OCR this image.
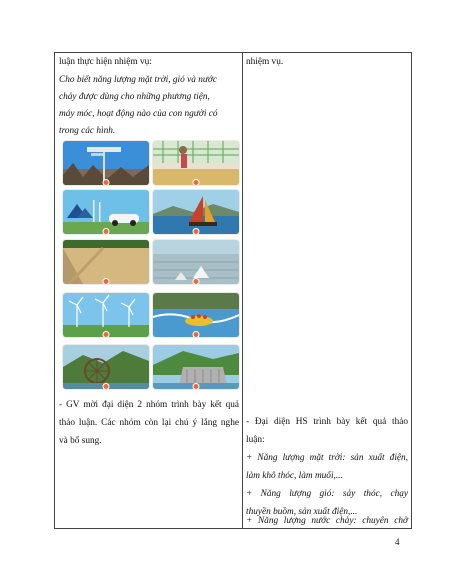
luận thực hiện nhiệm vụ:
Cho biết năng lượng mặt trời, gió và nước
chảy được dùng cho những phương tiện,
máy móc, hoạt động nào của con người có
trong các hình.
- GV mời đại diện 2 nhóm trình bày kết quả
thảo luận. Các nhóm còn lại chú ý lắng nghe
và bổ sung.
nhiệm vụ.
- Đại diện HS trình bày kết quả thảo
luận:
+ Năng lượng mặt trời: sản xuất điện,
làm khô thóc, làm muối,...
+ Năng lượng gió: sảy thóc, chạy
thuyền buồm, sản xuất điện,...
+ Năng lượng nước chảy: chuyên chở
4
